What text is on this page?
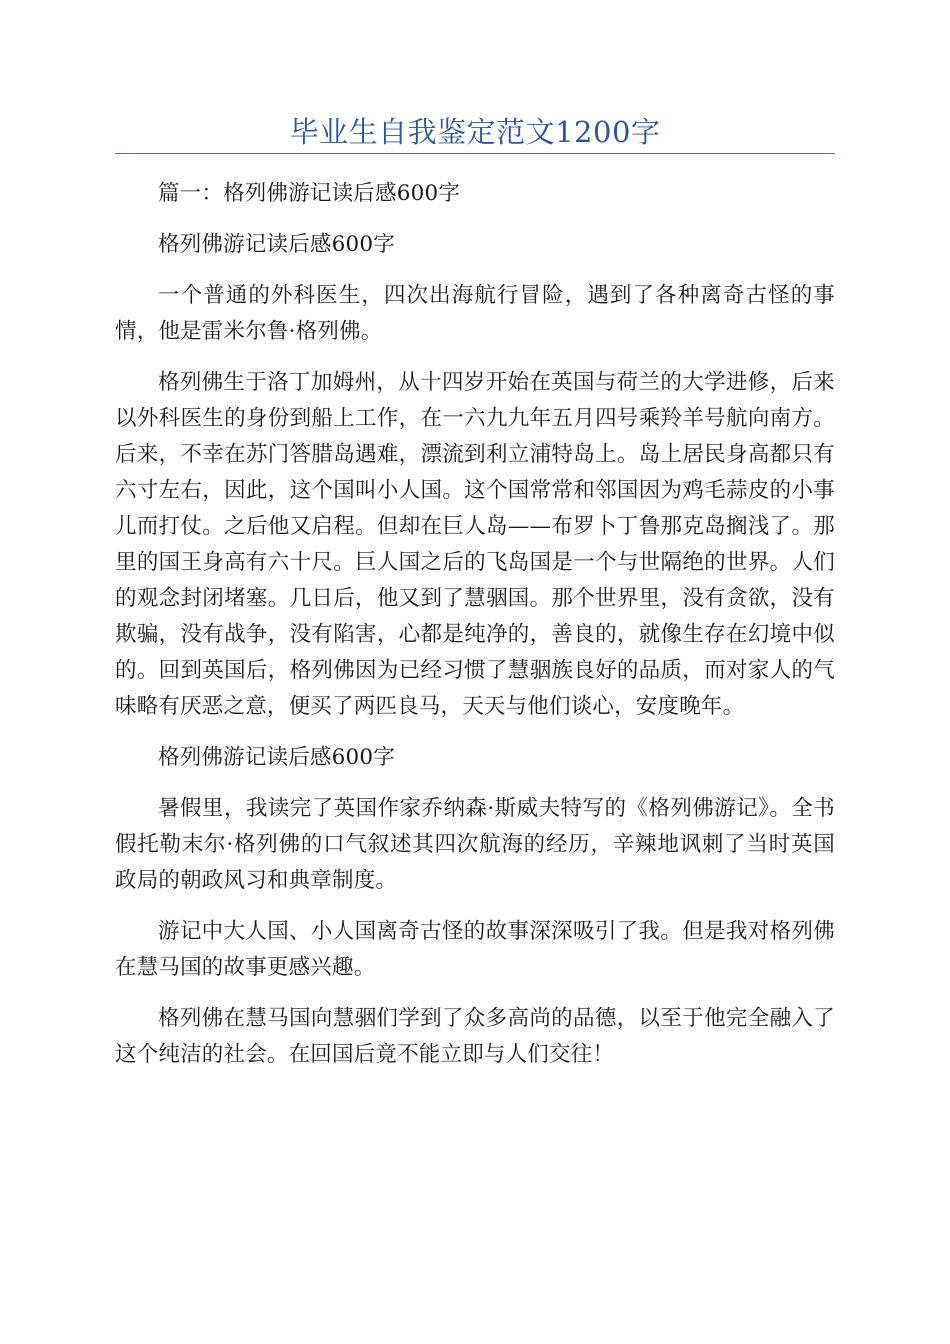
毕业生自我鉴定范文1200字

篇一：格列佛游记读后感600字

格列佛游记读后感600字

一个普通的外科医生，四次出海航行冒险，遇到了各种离奇古怪的事情，他是雷米尔鲁·格列佛。

格列佛生于洛丁加姆州，从十四岁开始在英国与荷兰的大学进修，后来以外科医生的身份到船上工作，在一六九九年五月四号乘羚羊号航向南方。后来，不幸在苏门答腊岛遇难，漂流到利立浦特岛上。岛上居民身高都只有六寸左右，因此，这个国叫小人国。这个国常常和邻国因为鸡毛蒜皮的小事儿而打仗。之后他又启程。但却在巨人岛——布罗卜丁鲁那克岛搁浅了。那里的国王身高有六十尺。巨人国之后的飞岛国是一个与世隔绝的世界。人们的观念封闭堵塞。几日后，他又到了慧骃国。那个世界里，没有贪欲，没有欺骗，没有战争，没有陷害，心都是纯净的，善良的，就像生存在幻境中似的。回到英国后，格列佛因为已经习惯了慧骃族良好的品质，而对家人的气味略有厌恶之意，便买了两匹良马，天天与他们谈心，安度晚年。

格列佛游记读后感600字

暑假里，我读完了英国作家乔纳森·斯威夫特写的《格列佛游记》。全书假托勒末尔·格列佛的口气叙述其四次航海的经历，辛辣地讽刺了当时英国政局的朝政风习和典章制度。

游记中大人国、小人国离奇古怪的故事深深吸引了我。但是我对格列佛在慧马国的故事更感兴趣。

格列佛在慧马国向慧骃们学到了众多高尚的品德，以至于他完全融入了这个纯洁的社会。在回国后竟不能立即与人们交往！
